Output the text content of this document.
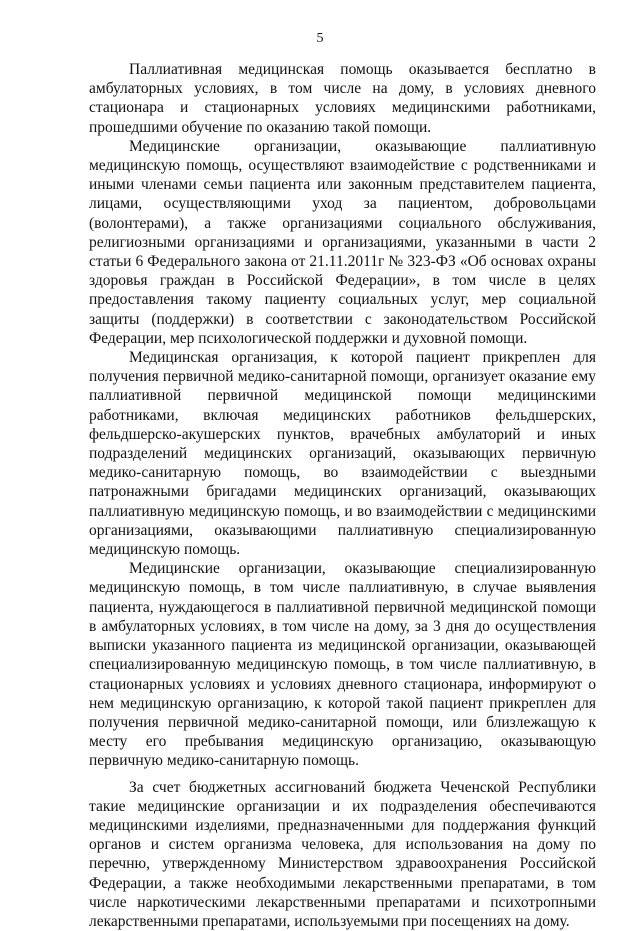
5

Паллиативная медицинская помощь оказывается бесплатно в амбулаторных условиях, в том числе на дому, в условиях дневного стационара и стационарных условиях медицинскими работниками, прошедшими обучение по оказанию такой помощи.

Медицинские организации, оказывающие паллиативную медицинскую помощь, осуществляют взаимодействие с родственниками и иными членами семьи пациента или законным представителем пациента, лицами, осуществляющими уход за пациентом, добровольцами (волонтерами), а также организациями социального обслуживания, религиозными организациями и организациями, указанными в части 2 статьи 6 Федерального закона от 21.11.2011г № 323-ФЗ «Об основах охраны здоровья граждан в Российской Федерации», в том числе в целях предоставления такому пациенту социальных услуг, мер социальной защиты (поддержки) в соответствии с законодательством Российской Федерации, мер психологической поддержки и духовной помощи.

Медицинская организация, к которой пациент прикреплен для получения первичной медико-санитарной помощи, организует оказание ему паллиативной первичной медицинской помощи медицинскими работниками, включая медицинских работников фельдшерских, фельдшерско-акушерских пунктов, врачебных амбулаторий и иных подразделений медицинских организаций, оказывающих первичную медико-санитарную помощь, во взаимодействии с выездными патронажными бригадами медицинских организаций, оказывающих паллиативную медицинскую помощь, и во взаимодействии с медицинскими организациями, оказывающими паллиативную специализированную медицинскую помощь.

Медицинские организации, оказывающие специализированную медицинскую помощь, в том числе паллиативную, в случае выявления пациента, нуждающегося в паллиативной первичной медицинской помощи в амбулаторных условиях, в том числе на дому, за 3 дня до осуществления выписки указанного пациента из медицинской организации, оказывающей специализированную медицинскую помощь, в том числе паллиативную, в стационарных условиях и условиях дневного стационара, информируют о нем медицинскую организацию, к которой такой пациент прикреплен для получения первичной медико-санитарной помощи, или близлежащую к месту его пребывания медицинскую организацию, оказывающую первичную медико-санитарную помощь.

За счет бюджетных ассигнований бюджета Чеченской Республики такие медицинские организации и их подразделения обеспечиваются медицинскими изделиями, предназначенными для поддержания функций органов и систем организма человека, для использования на дому по перечню, утвержденному Министерством здравоохранения Российской Федерации, а также необходимыми лекарственными препаратами, в том числе наркотическими лекарственными препаратами и психотропными лекарственными препаратами, используемыми при посещениях на дому.
